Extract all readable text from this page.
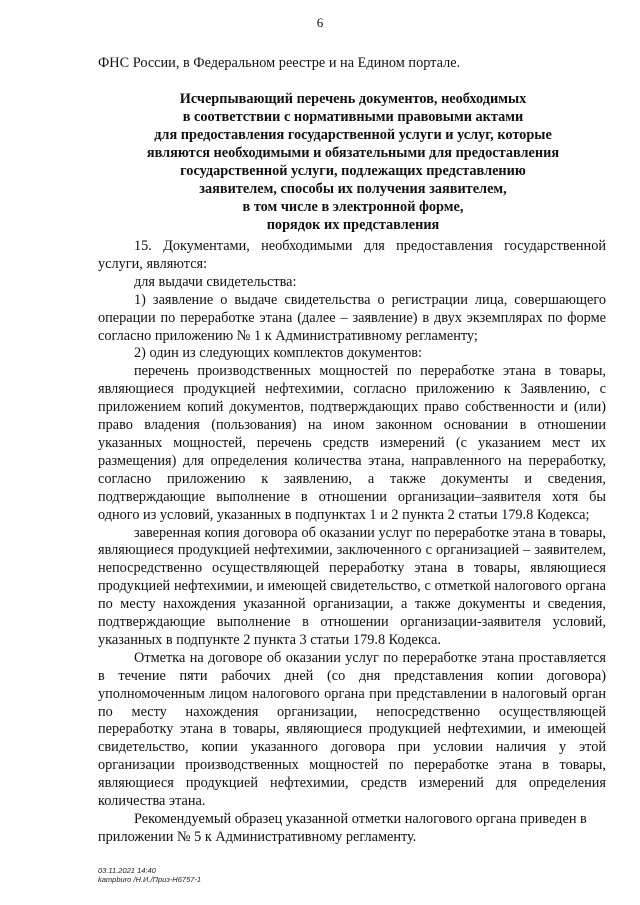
6
ФНС России, в Федеральном реестре и на Едином портале.
Исчерпывающий перечень документов, необходимых
в соответствии с нормативными правовыми актами
для предоставления государственной услуги и услуг, которые
являются необходимыми и обязательными для предоставления
государственной услуги, подлежащих представлению
заявителем, способы их получения заявителем,
в том числе в электронной форме,
порядок их представления

15. Документами, необходимыми для предоставления государственной услуги, являются:

для выдачи свидетельства:

1) заявление о выдаче свидетельства о регистрации лица, совершающего операции по переработке этана (далее – заявление) в двух экземплярах по форме согласно приложению № 1 к Административному регламенту;

2) один из следующих комплектов документов:

перечень производственных мощностей по переработке этана в товары, являющиеся продукцией нефтехимии, согласно приложению к Заявлению, с приложением копий документов, подтверждающих право собственности и (или) право владения (пользования) на ином законном основании в отношении указанных мощностей, перечень средств измерений (с указанием мест их размещения) для определения количества этана, направленного на переработку, согласно приложению к заявлению, а также документы и сведения, подтверждающие выполнение в отношении организации–заявителя хотя бы одного из условий, указанных в подпунктах 1 и 2 пункта 2 статьи 179.8 Кодекса;

заверенная копия договора об оказании услуг по переработке этана в товары, являющиеся продукцией нефтехимии, заключенного с организацией – заявителем, непосредственно осуществляющей переработку этана в товары, являющиеся продукцией нефтехимии, и имеющей свидетельство, с отметкой налогового органа по месту нахождения указанной организации, а также документы и сведения, подтверждающие выполнение в отношении организации-заявителя условий, указанных в подпункте 2 пункта 3 статьи 179.8 Кодекса.

Отметка на договоре об оказании услуг по переработке этана проставляется в течение пяти рабочих дней (со дня представления копии договора) уполномоченным лицом налогового органа при представлении в налоговый орган по месту нахождения организации, непосредственно осуществляющей переработку этана в товары, являющиеся продукцией нефтехимии, и имеющей свидетельство, копии указанного договора при условии наличия у этой организации производственных мощностей по переработке этана в товары, являющиеся продукцией нефтехимии, средств измерений для определения количества этана.

Рекомендуемый образец указанной отметки налогового органа приведен в приложении № 5 к Административному регламенту.

03.11.2021 14:40
kampburo /Н.И./Приз-Н6757-1
